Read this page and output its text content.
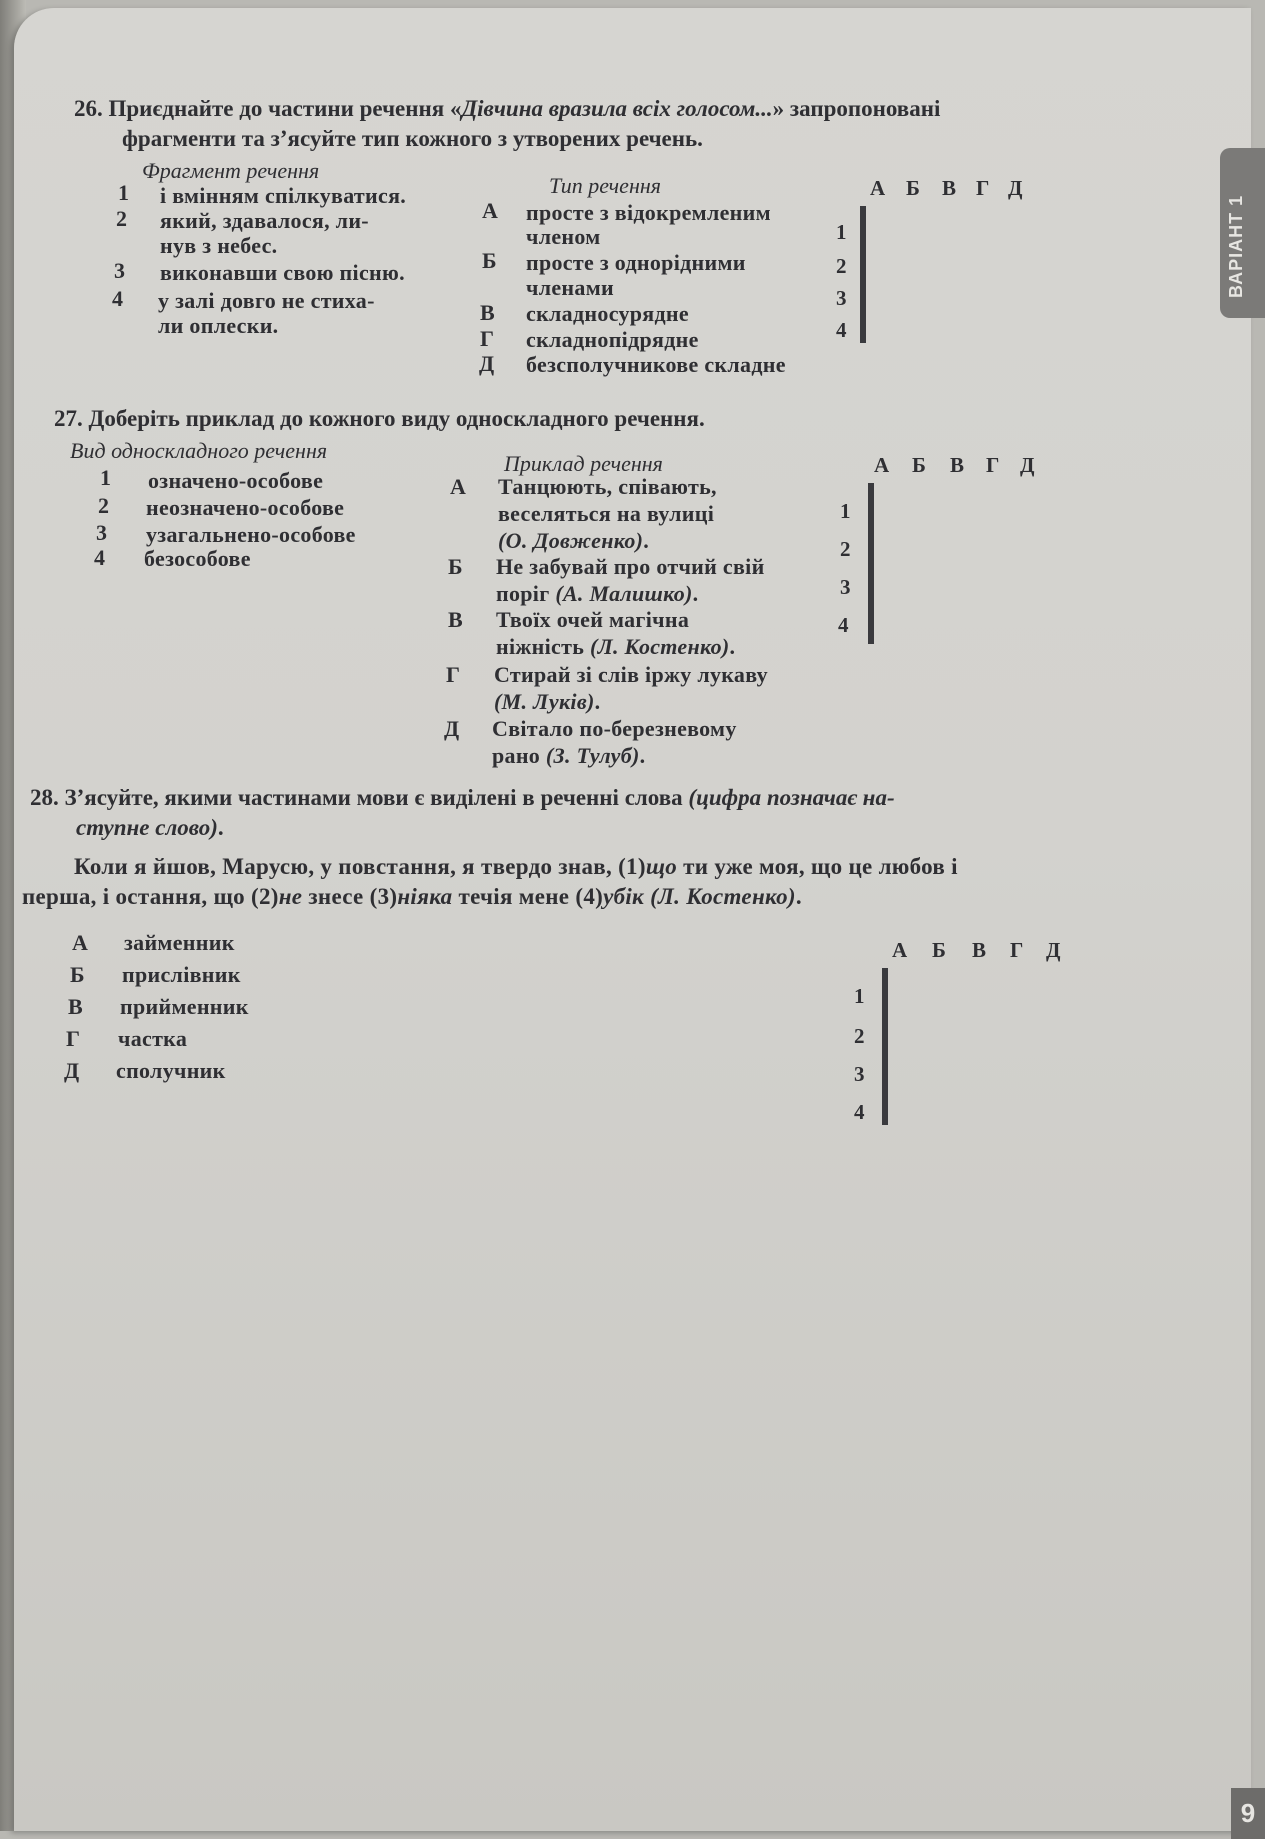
ВАРІАНТ 1
26. Приєднайте до частини речення «Дівчина вразила всіх голосом...» запропоновані
фрагменти та з’ясуйте тип кожного з утворених речень.
Фрагмент речення
Тип речення
1 і вмінням спілкуватися.
2 який, здавалося, ли-
нув з небес.
3 виконавши свою пісню.
4 у залі довго не стиха-
ли оплески.
А просте з відокремленим
членом
Б просте з однорідними
членами
В складносурядне
Г складнопідрядне
Д безсполучникове складне
А Б В Г Д
1
2
3
4

27. Доберіть приклад до кожного виду односкладного речення.
Вид односкладного речення
Приклад речення
1 означено-особове
2 неозначено-особове
3 узагальнено-особове
4 безособове
А Танцюють, співають,
веселяться на вулиці
(О. Довженко).
Б Не забувай про отчий свій
поріг (А. Малишко).
В Твоїх очей магічна
ніжність (Л. Костенко).
Г Стирай зі слів іржу лукаву
(М. Луків).
Д Світало по-березневому
рано (З. Тулуб).
А Б В Г Д
1
2
3
4

28. З’ясуйте, якими частинами мови є виділені в реченні слова (цифра позначає на-
ступне слово).
Коли я йшов, Марусю, у повстання, я твердо знав, (1)що ти уже моя, що це любов і
перша, і остання, що (2)не знесе (3)ніяка течія мене (4)убік (Л. Костенко).
А займенник
Б прислівник
В прийменник
Г частка
Д сполучник
А Б В Г Д
1
2
3
4

9
